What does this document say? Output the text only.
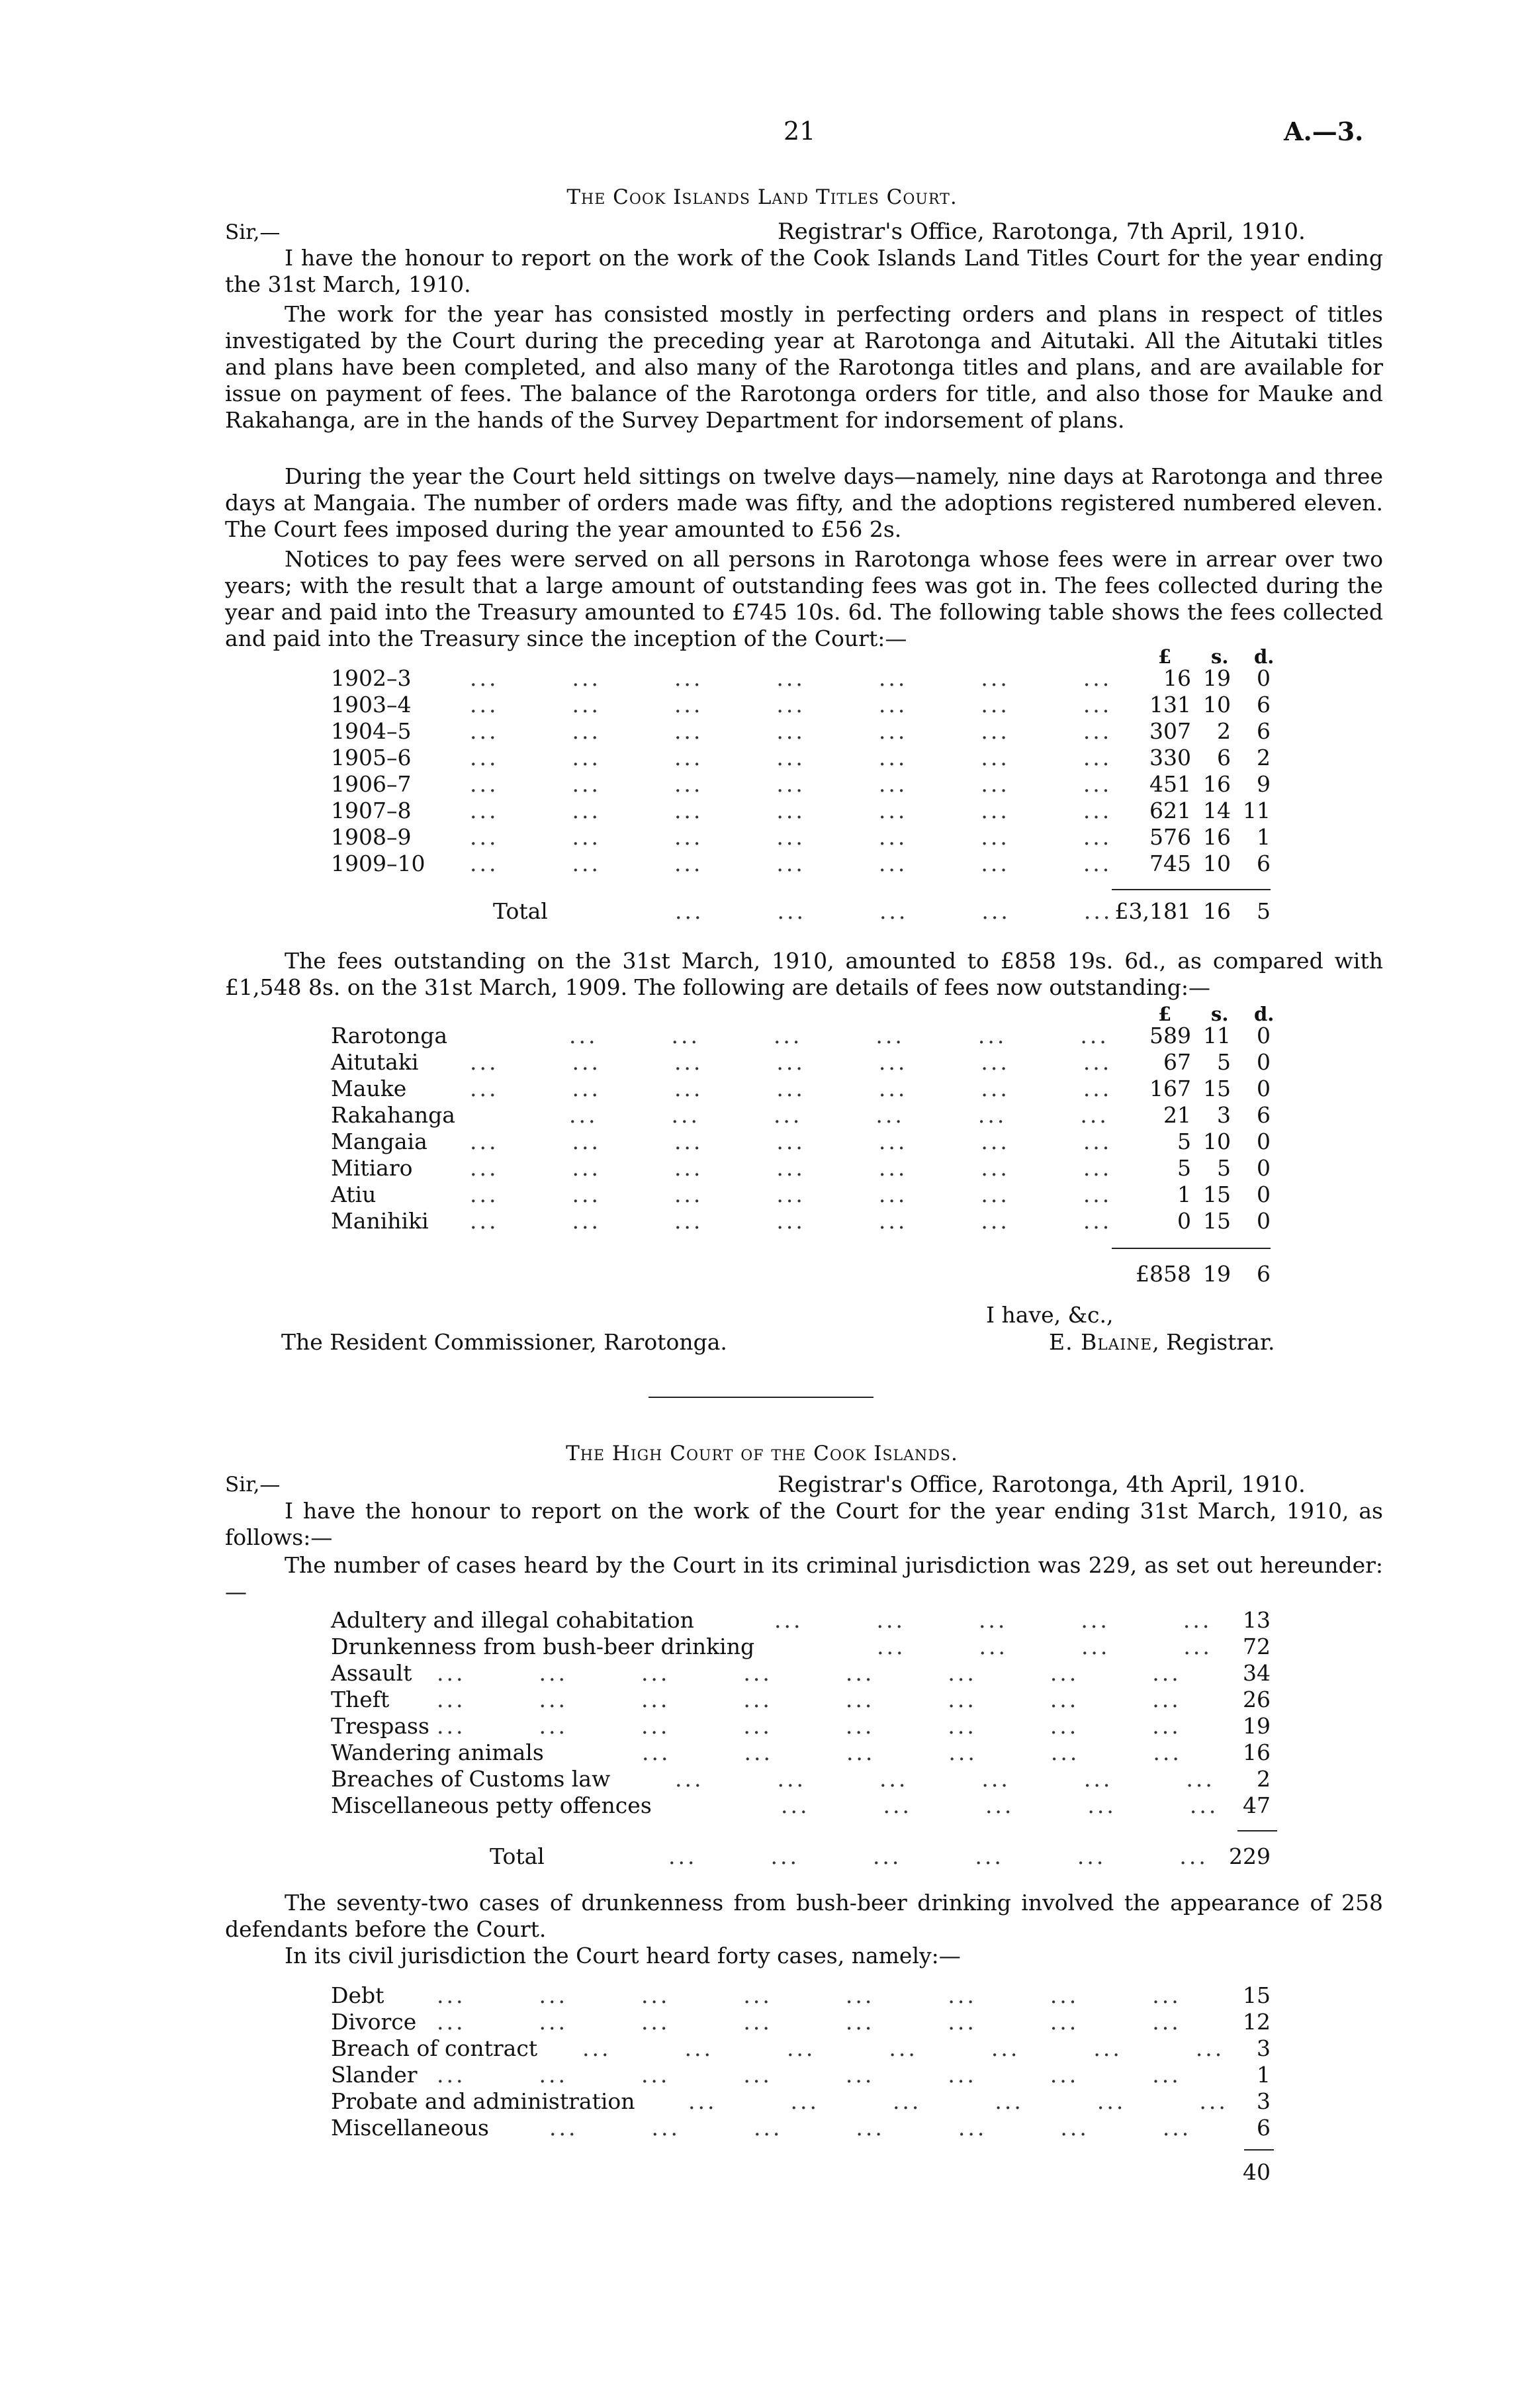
21	A.—3.
The Cook Islands Land Titles Court.
Sir,—	Registrar's Office, Rarotonga, 7th April, 1910.
I have the honour to report on the work of the Cook Islands Land Titles Court for the year ending the 31st March, 1910.
The work for the year has consisted mostly in perfecting orders and plans in respect of titles investigated by the Court during the preceding year at Rarotonga and Aitutaki. All the Aitutaki titles and plans have been completed, and also many of the Rarotonga titles and plans, and are available for issue on payment of fees. The balance of the Rarotonga orders for title, and also those for Mauke and Rakahanga, are in the hands of the Survey Department for indorsement of plans.
During the year the Court held sittings on twelve days—namely, nine days at Rarotonga and three days at Mangaia. The number of orders made was fifty, and the adoptions registered numbered eleven. The Court fees imposed during the year amounted to £56 2s.
Notices to pay fees were served on all persons in Rarotonga whose fees were in arrear over two years; with the result that a large amount of outstanding fees was got in. The fees collected during the year and paid into the Treasury amounted to £745 10s. 6d. The following table shows the fees collected and paid into the Treasury since the inception of the Court:—
£ s. d.
1902–3	...   ...   ...   ...   ...   ...   ...	16 19	0
1903–4	...   ...   ...   ...   ...   ...   ...	131 10	6
1904–5	...   ...   ...   ...   ...   ...   ...	307	2	6
1905–6	...   ...   ...   ...   ...   ...   ...	330	6	2
1906–7	...   ...   ...   ...   ...   ...   ...	451 16	9
1907–8	...   ...   ...   ...   ...   ...   ...	621 14 11
1908–9	...   ...   ...   ...   ...   ...   ...	576 16	1
1909–10 ...   ...   ...   ...   ...   ...   ...	745 10	6
Total	...   ...   ...   ...   ... £3,181 16	5
The fees outstanding on the 31st March, 1910, amounted to £858 19s. 6d., as compared with £1,548 8s. on the 31st March, 1909. The following are details of fees now outstanding:—
£ s. d.
Rarotonga	...   ...   ...   ...   ...   ...	589 11	0
Aitutaki ...   ...   ...   ...   ...   ...   ...	67	5	0
Mauke	...   ...   ...   ...   ...   ...   ...	167 15	0
Rakahanga	...   ...   ...   ...   ...   ...	21	3	6
Mangaia ...   ...   ...   ...   ...   ...   ...	5 10	0
Mitiaro	...   ...   ...   ...   ...   ...   ...	5	5	0
Atiu	...   ...   ...   ...   ...   ...   ...	1 15	0
Manihiki ...   ...   ...   ...   ...   ...   ...	0 15	0
£858 19	6
I have, &c.,
The Resident Commissioner, Rarotonga.	E. Blaine, Registrar.
The High Court of the Cook Islands.
Sir,—	Registrar's Office, Rarotonga, 4th April, 1910.
I have the honour to report on the work of the Court for the year ending 31st March, 1910, as follows:—
The number of cases heard by the Court in its criminal jurisdiction was 229, as set out hereunder:—
Adultery and illegal cohabitation	...   ...   ...   ...   ...	13
Drunkenness from bush-beer drinking	...   ...   ...   ...	72
Assault ...   ...   ...   ...   ...   ...   ...   ...	34
Theft ...   ...   ...   ...   ...   ...   ...   ...	26
Trespass ...   ...   ...   ...   ...   ...   ...   ...	19
Wandering animals	...   ...   ...   ...   ...   ...	16
Breaches of Customs law	...   ...   ...   ...   ...   ...	2
Miscellaneous petty offences	...   ...   ...   ...   ...	47
Total	...   ...   ...   ...   ...   ... 229
The seventy-two cases of drunkenness from bush-beer drinking involved the appearance of 258 defendants before the Court.
In its civil jurisdiction the Court heard forty cases, namely:—
Debt ...   ...   ...   ...   ...   ...   ...   ...	15
Divorce ...   ...   ...   ...   ...   ...   ...   ...	12
Breach of contract ...   ...   ...   ...   ...   ...   ...	3
Slander ...   ...   ...   ...   ...   ...   ...   ...	1
Probate and administration ...   ...   ...   ...   ...   ...	3
Miscellaneous	...   ...   ...   ...   ...   ...   ...	6
40
